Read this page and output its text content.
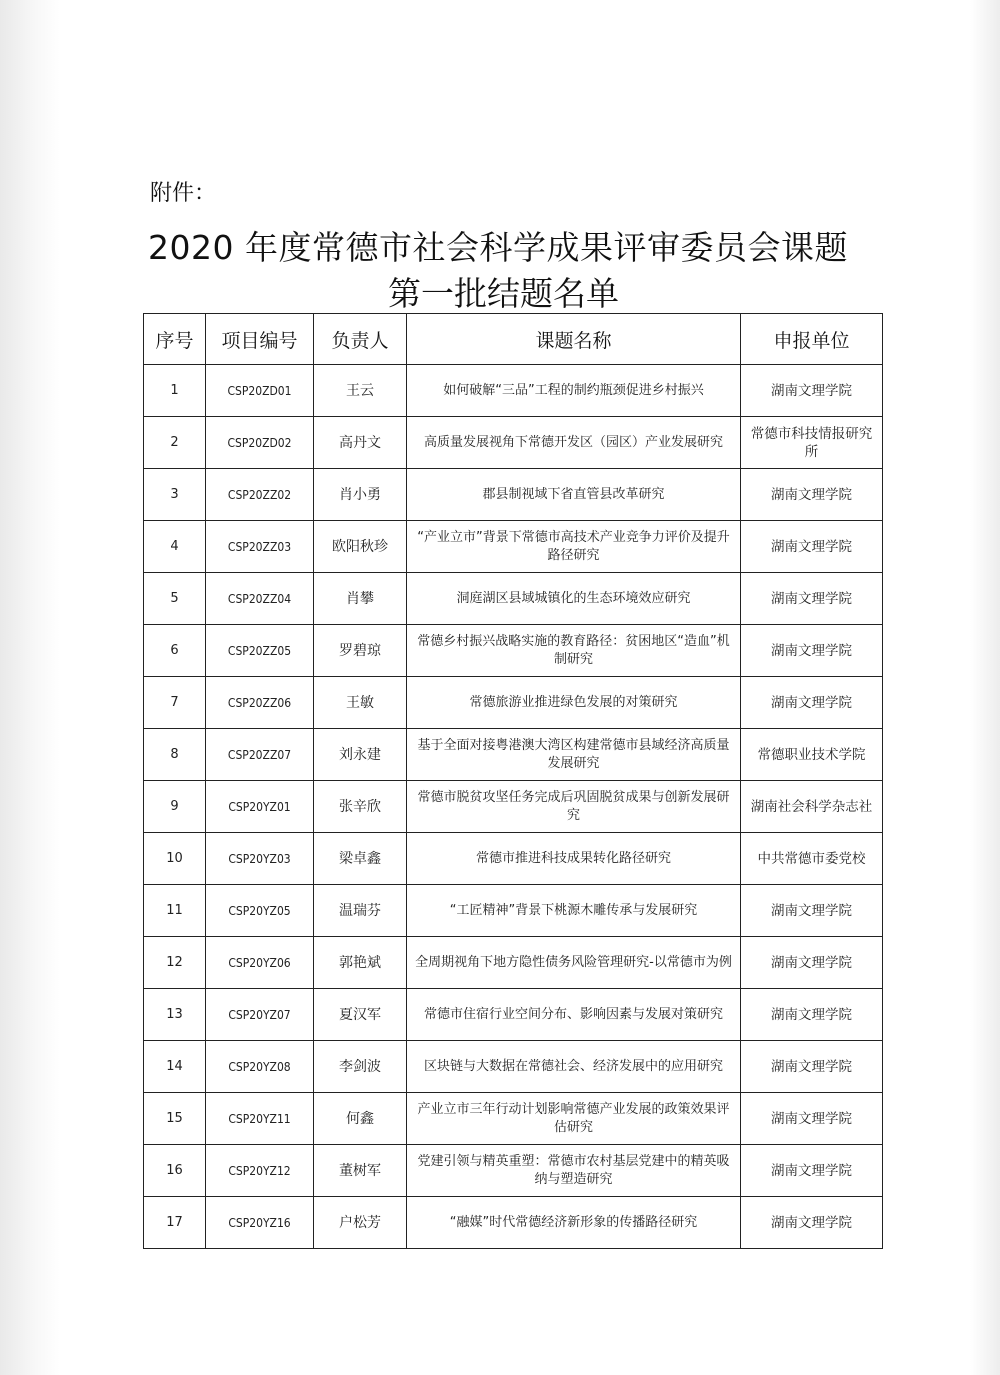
附件：
2020 年度常德市社会科学成果评审委员会课题
第一批结题名单
序号	项目编号	负责人	课题名称	申报单位
1	CSP20ZD01	王云	如何破解“三品”工程的制约瓶颈促进乡村振兴	湖南文理学院
2	CSP20ZD02	高丹文	高质量发展视角下常德开发区（园区）产业发展研究	常德市科技情报研究所
3	CSP20ZZ02	肖小勇	郡县制视域下省直管县改革研究	湖南文理学院
4	CSP20ZZ03	欧阳秋珍	“产业立市”背景下常德市高技术产业竞争力评价及提升路径研究	湖南文理学院
5	CSP20ZZ04	肖攀	洞庭湖区县域城镇化的生态环境效应研究	湖南文理学院
6	CSP20ZZ05	罗碧琼	常德乡村振兴战略实施的教育路径：贫困地区“造血”机制研究	湖南文理学院
7	CSP20ZZ06	王敏	常德旅游业推进绿色发展的对策研究	湖南文理学院
8	CSP20ZZ07	刘永建	基于全面对接粤港澳大湾区构建常德市县域经济高质量发展研究	常德职业技术学院
9	CSP20YZ01	张辛欣	常德市脱贫攻坚任务完成后巩固脱贫成果与创新发展研究	湖南社会科学杂志社
10	CSP20YZ03	梁卓鑫	常德市推进科技成果转化路径研究	中共常德市委党校
11	CSP20YZ05	温瑞芬	“工匠精神”背景下桃源木雕传承与发展研究	湖南文理学院
12	CSP20YZ06	郭艳斌	全周期视角下地方隐性债务风险管理研究-以常德市为例	湖南文理学院
13	CSP20YZ07	夏汉军	常德市住宿行业空间分布、影响因素与发展对策研究	湖南文理学院
14	CSP20YZ08	李剑波	区块链与大数据在常德社会、经济发展中的应用研究	湖南文理学院
15	CSP20YZ11	何鑫	产业立市三年行动计划影响常德产业发展的政策效果评估研究	湖南文理学院
16	CSP20YZ12	董树军	党建引领与精英重塑：常德市农村基层党建中的精英吸纳与塑造研究	湖南文理学院
17	CSP20YZ16	户松芳	“融媒”时代常德经济新形象的传播路径研究	湖南文理学院
